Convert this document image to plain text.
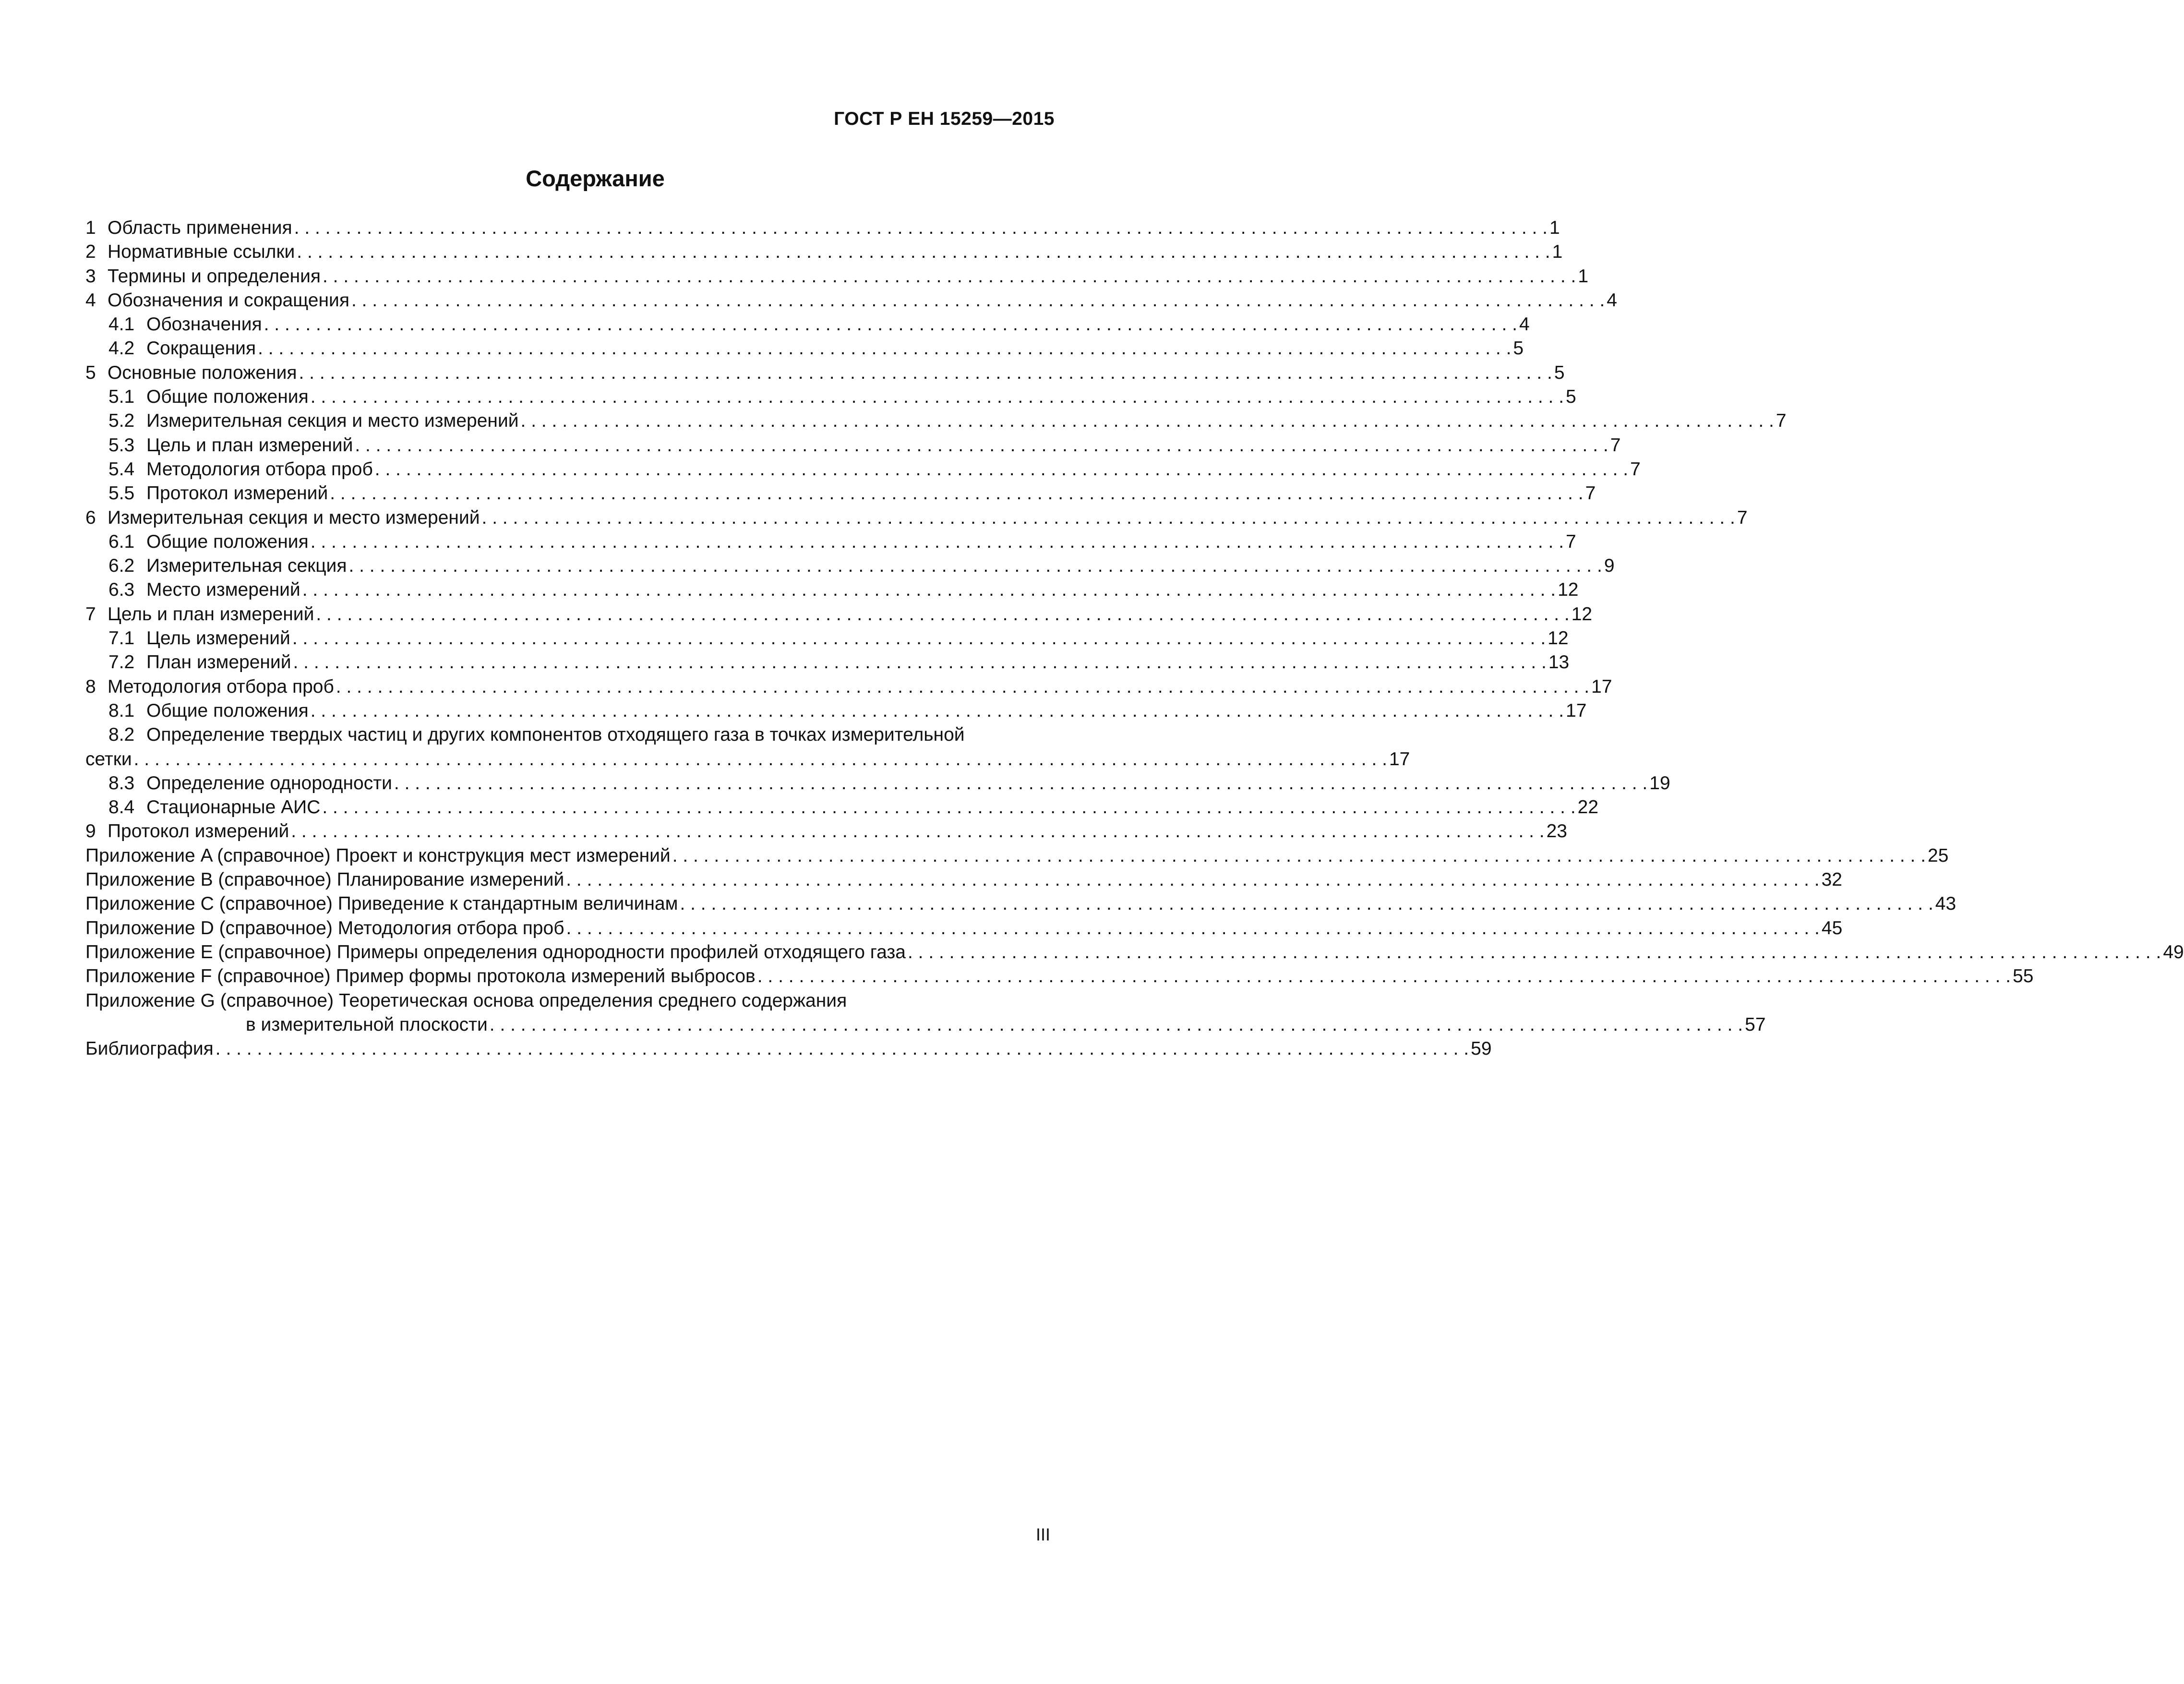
ГОСТ Р ЕН 15259—2015
Содержание
1 Область применения . . .	1
2 Нормативные ссылки . . .	1
3 Термины и определения . . .	1
4 Обозначения и сокращения . . .	4
4.1 Обозначения . . .	4
4.2 Сокращения . . .	5
5 Основные положения . . .	5
5.1 Общие положения . . .	5
5.2 Измерительная секция и место измерений . . .	7
5.3 Цель и план измерений . . .	7
5.4 Методология отбора проб . . .	7
5.5 Протокол измерений . . .	7
6 Измерительная секция и место измерений . . .	7
6.1 Общие положения . . .	7
6.2 Измерительная секция . . .	9
6.3 Место измерений . . .	12
7 Цель и план измерений . . .	12
7.1 Цель измерений . . .	12
7.2 План измерений . . .	13
8 Методология отбора проб . . .	17
8.1 Общие положения . . .	17
8.2 Определение твердых частиц и других компонентов отходящего газа в точках измерительной
сетки . . .	17
8.3 Определение однородности . . .	19
8.4 Стационарные АИС . . .	22
9 Протокол измерений . . .	23
Приложение A (справочное) Проект и конструкция мест измерений . . .	25
Приложение B (справочное) Планирование измерений . . .	32
Приложение C (справочное) Приведение к стандартным величинам . . .	43
Приложение D (справочное) Методология отбора проб . . .	45
Приложение E (справочное) Примеры определения однородности профилей отходящего газа . . .	49
Приложение F (справочное) Пример формы протокола измерений выбросов . . .	55
Приложение G (справочное) Теоретическая основа определения среднего содержания
в измерительной плоскости . . .	57
Библиография . . .	59
III
